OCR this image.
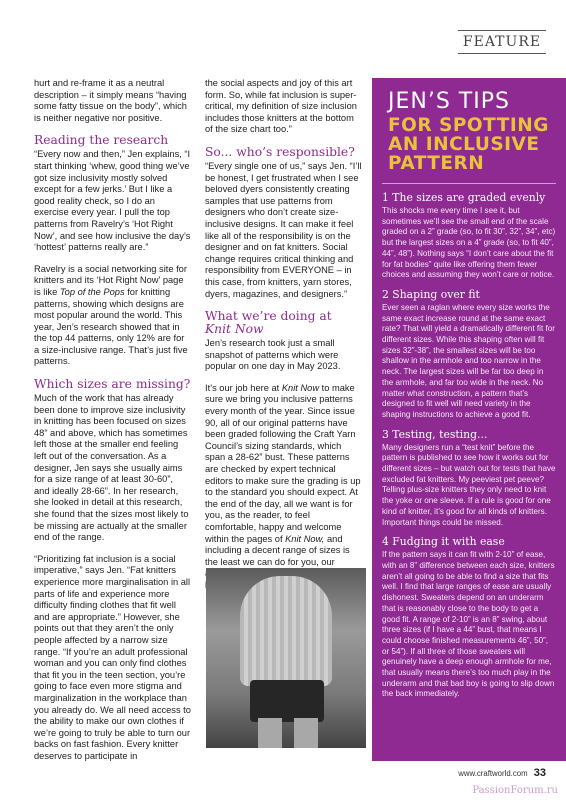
FEATURE

hurt and re-frame it as a neutral description – it simply means “having some fatty tissue on the body”, which is neither negative nor positive.

Reading the research

“Every now and then,” Jen explains, “I start thinking ‘whew, good thing we’ve got size inclusivity mostly solved except for a few jerks.’ But I like a good reality check, so I do an exercise every year. I pull the top patterns from Ravelry’s ‘Hot Right Now’, and see how inclusive the day’s ‘hottest’ patterns really are.”

Ravelry is a social networking site for knitters and its ‘Hot Right Now’ page is like Top of the Pops for knitting patterns, showing which designs are most popular around the world. This year, Jen’s research showed that in the top 44 patterns, only 12% are for a size-inclusive range. That’s just five patterns.

Which sizes are missing?

Much of the work that has already been done to improve size inclusivity in knitting has been focused on sizes 48” and above, which has sometimes left those at the smaller end feeling left out of the conversation. As a designer, Jen says she usually aims for a size range of at least 30-60”, and ideally 28-66”. In her research, she looked in detail at this research, she found that the sizes most likely to be missing are actually at the smaller end of the range.

“Prioritizing fat inclusion is a social imperative,” says Jen. “Fat knitters experience more marginalisation in all parts of life and experience more difficulty finding clothes that fit well and are appropriate.” However, she points out that they aren’t the only people affected by a narrow size range. “If you’re an adult professional woman and you can only find clothes that fit you in the teen section, you’re going to face even more stigma and marginalization in the workplace than you already do. We all need access to the ability to make our own clothes if we’re going to truly be able to turn our backs on fast fashion. Every knitter deserves to participate in

the social aspects and joy of this art form. So, while fat inclusion is super-critical, my definition of size inclusion includes those knitters at the bottom of the size chart too.”

So... who’s responsible?

“Every single one of us,” says Jen. “I’ll be honest, I get frustrated when I see beloved dyers consistently creating samples that use patterns from designers who don’t create size-inclusive designs. It can make it feel like all of the responsibility is on the designer and on fat knitters. Social change requires critical thinking and responsibility from EVERYONE – in this case, from knitters, yarn stores, dyers, magazines, and designers.”

What we’re doing at
Knit Now

Jen’s research took just a small snapshot of patterns which were popular on one day in May 2023.

It’s our job here at Knit Now to make sure we bring you inclusive patterns every month of the year. Since issue 90, all of our original patterns have been graded following the Craft Yarn Council’s sizing standards, which span a 28-62” bust. These patterns are checked by expert technical editors to make sure the grading is up to the standard you should expect. At the end of the day, all we want is for you, as the reader, to feel comfortable, happy and welcome within the pages of Knit Now, and including a decent range of sizes is the least we can do for you, our

JEN’S TIPS
FOR SPOTTING
AN INCLUSIVE
PATTERN
1 The sizes are graded evenly

This shocks me every time I see it, but sometimes we’ll see the small end of the scale graded on a 2” grade (so, to fit 30”, 32”, 34”, etc) but the largest sizes on a 4” grade (so, to fit 40”, 44”, 48”). Nothing says “I don’t care about the fit for fat bodies” quite like offering them fewer choices and assuming they won’t care or notice.

2 Shaping over fit

Ever seen a raglan where every size works the same exact increase round at the same exact rate? That will yield a dramatically different fit for different sizes. While this shaping often will fit sizes 32”-38”, the smallest sizes will be too shallow in the armhole and too narrow in the neck. The largest sizes will be far too deep in the armhole, and far too wide in the neck. No matter what construction, a pattern that’s designed to fit well will need variety in the shaping instructions to achieve a good fit.

3 Testing, testing...

Many designers run a “test knit” before the pattern is published to see how it works out for different sizes – but watch out for tests that have excluded fat knitters. My peeviest pet peeve? Telling plus-size knitters they only need to knit the yoke or one sleeve. If a rule is good for one kind of knitter, it’s good for all kinds of knitters. Important things could be missed.

4 Fudging it with ease

If the pattern says it can fit with 2-10” of ease, with an 8” difference between each size, knitters aren’t all going to be able to find a size that fits well. I find that large ranges of ease are usually dishonest. Sweaters depend on an underarm that is reasonably close to the body to get a good fit. A range of 2-10” is an 8” swing, about three sizes (if I have a 44” bust, that means I could choose finished measurements 46”, 50”, or 54”). If all three of those sweaters will genuinely have a deep enough armhole for me, that usually means there’s too much play in the underarm and that bad boy is going to slip down the back immediately.

www.craftworld.com 33
PassionForum.ru
